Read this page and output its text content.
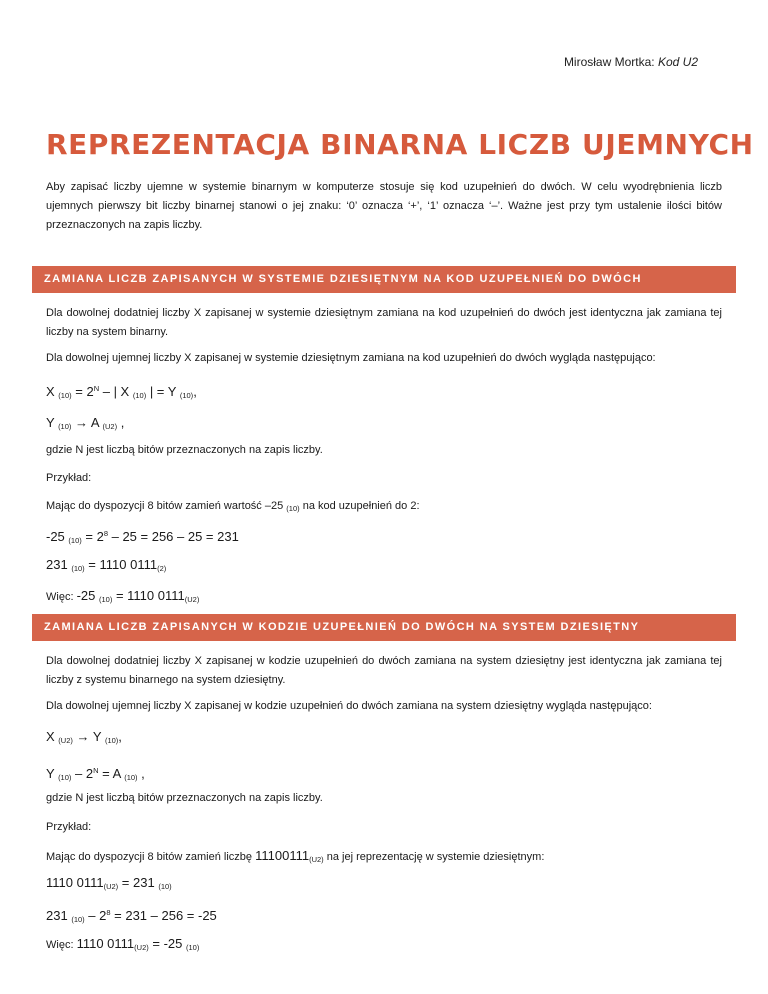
Mirosław Mortka: Kod U2
REPREZENTACJA BINARNA LICZB UJEMNYCH

Aby zapisać liczby ujemne w systemie binarnym w komputerze stosuje się kod uzupełnień do dwóch. W celu wyodrębnienia liczb ujemnych pierwszy bit liczby binarnej stanowi o jej znaku: ‘0’ oznacza ‘+’, ‘1’ oznacza ‘–’. Ważne jest przy tym ustalenie ilości bitów przeznaczonych na zapis liczby.

ZAMIANA LICZB ZAPISANYCH W SYSTEMIE DZIESIĘTNYM NA KOD UZUPEŁNIEŃ DO DWÓCH

Dla dowolnej dodatniej liczby X zapisanej w systemie dziesiętnym zamiana na kod uzupełnień do dwóch jest identyczna jak zamiana tej liczby na system binarny.

Dla dowolnej ujemnej liczby X zapisanej w systemie dziesiętnym zamiana na kod uzupełnień do dwóch wygląda następująco:

X $_{(10)} = 2^N$ – | X $_{(10)}$ | = Y $_{(10)}$,

Y $_{(10)}$ → A $_{(U2)}$ ,

gdzie N jest liczbą bitów przeznaczonych na zapis liczby.

Przykład:

Mając do dyspozycji 8 bitów zamień wartość –25 $_{(10)}$ na kod uzupełnień do 2:

-25 $_{(10)} = 2^8 - 25 = 256 - 25 = 231$

231 $_{(10)}$ = 1110 $0111_{(2)}$

Więc: -25 $_{(10)}$ = 1110 $0111_{(U2)}$

ZAMIANA LICZB ZAPISANYCH W KODZIE UZUPEŁNIEŃ DO DWÓCH NA SYSTEM DZIESIĘTNY

Dla dowolnej dodatniej liczby X zapisanej w kodzie uzupełnień do dwóch zamiana na system dziesiętny jest identyczna jak zamiana tej liczby z systemu binarnego na system dziesiętny.

Dla dowolnej ujemnej liczby X zapisanej w kodzie uzupełnień do dwóch zamiana na system dziesiętny wygląda następująco:

X $_{(U2)}$ → Y $_{(10)}$,

Y $_{(10)} - 2^N = A$ $_{(10)}$ ,

gdzie N jest liczbą bitów przeznaczonych na zapis liczby.

Przykład:

Mając do dyspozycji 8 bitów zamień liczbę $11100111_{(U2)}$ na jej reprezentację w systemie dziesiętnym:

1110 $0111_{(U2)} = 231$ $_{(10)}$

231 $_{(10)} - 2^8 = 231 - 256 = -25$

Więc: 1110 $0111_{(U2)} = -25$ $_{(10)}$
